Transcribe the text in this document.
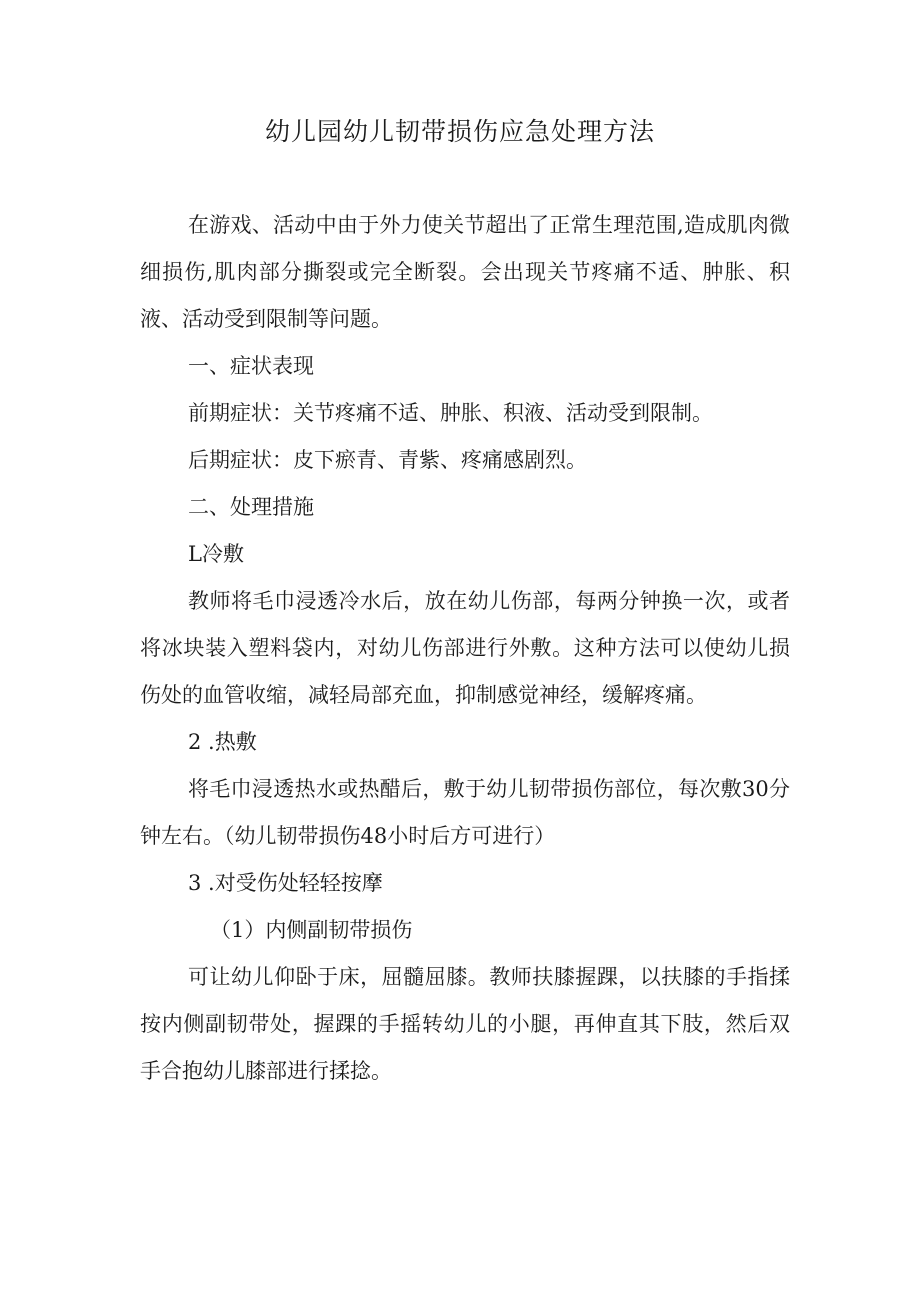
幼儿园幼儿韧带损伤应急处理方法

在游戏、活动中由于外力使关节超出了正常生理范围,造成肌肉微细损伤,肌肉部分撕裂或完全断裂。会出现关节疼痛不适、肿胀、积液、活动受到限制等问题。

一、症状表现

前期症状：关节疼痛不适、肿胀、积液、活动受到限制。

后期症状：皮下瘀青、青紫、疼痛感剧烈。

二、处理措施

L冷敷

教师将毛巾浸透冷水后，放在幼儿伤部，每两分钟换一次，或者将冰块装入塑料袋内，对幼儿伤部进行外敷。这种方法可以使幼儿损伤处的血管收缩，减轻局部充血，抑制感觉神经，缓解疼痛。

2 .热敷

将毛巾浸透热水或热醋后，敷于幼儿韧带损伤部位，每次敷30分钟左右。（幼儿韧带损伤48小时后方可进行）

3 .对受伤处轻轻按摩

（1）内侧副韧带损伤

可让幼儿仰卧于床，屈髓屈膝。教师扶膝握踝，以扶膝的手指揉按内侧副韧带处，握踝的手摇转幼儿的小腿，再伸直其下肢，然后双手合抱幼儿膝部进行揉捻。
